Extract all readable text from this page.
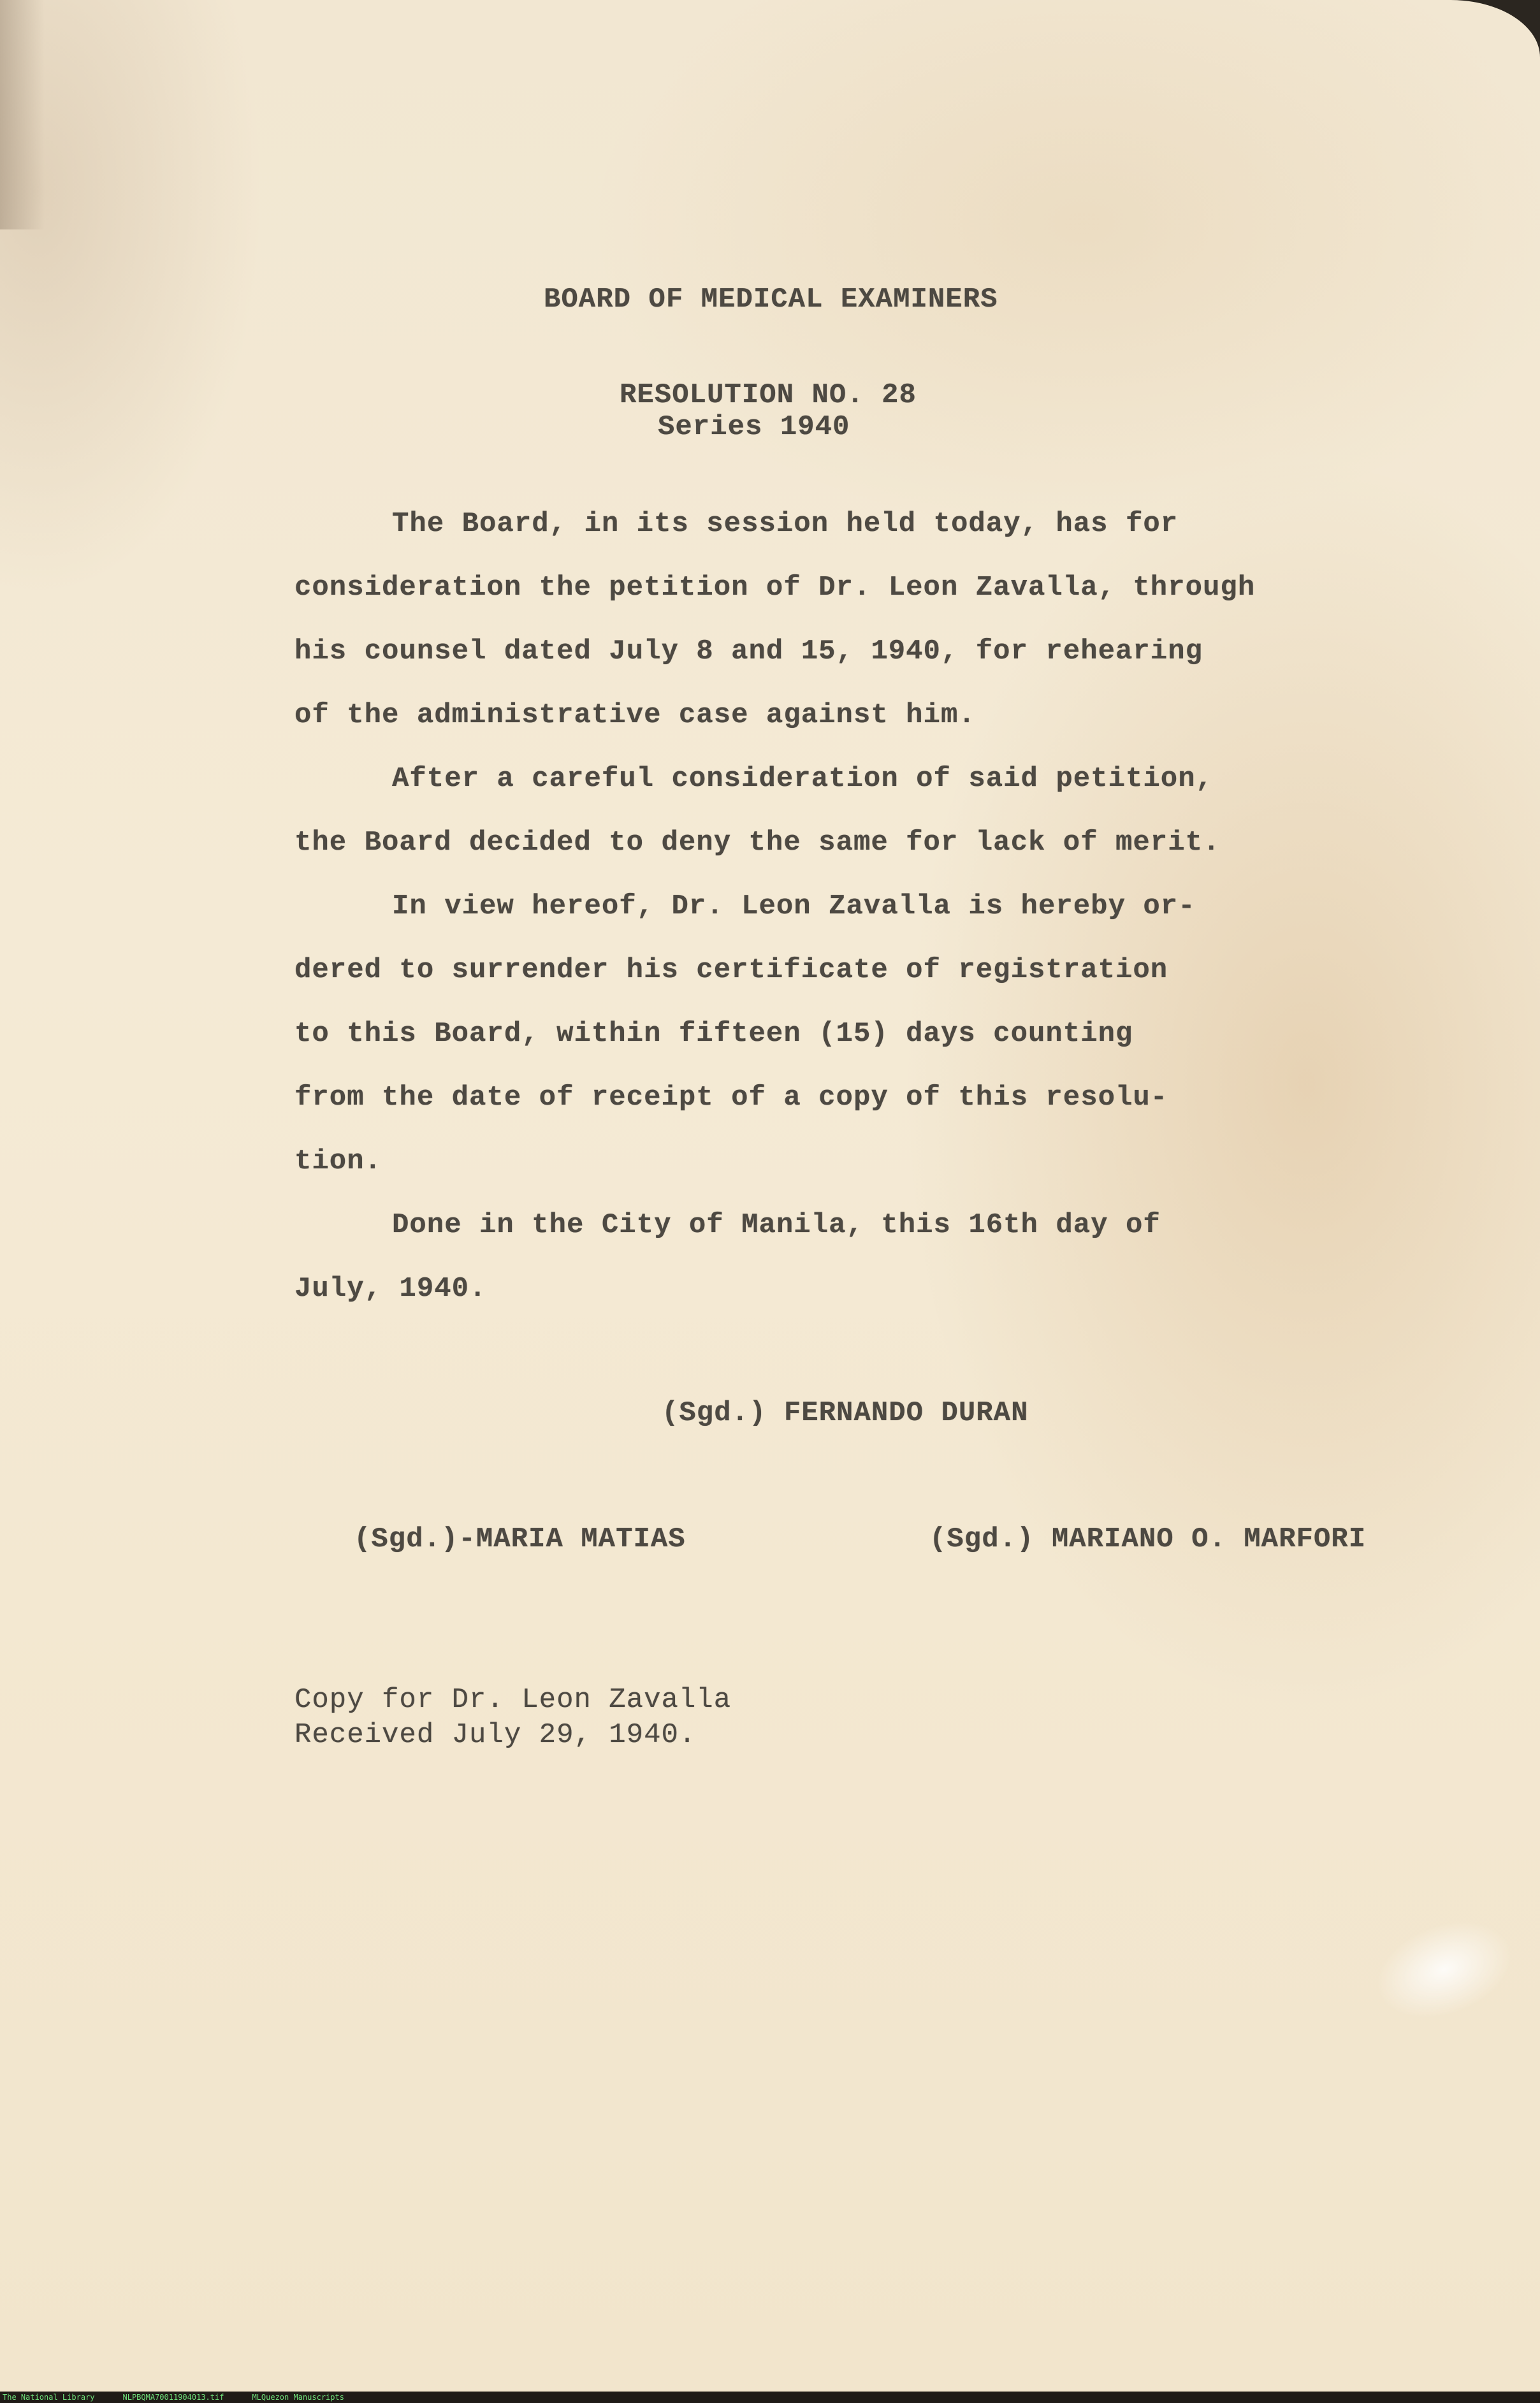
BOARD OF MEDICAL EXAMINERS
RESOLUTION NO. 28
Series 1940
The Board, in its session held today, has for
consideration the petition of Dr. Leon Zavalla, through
his counsel dated July 8 and 15, 1940, for rehearing
of the administrative case against him.
After a careful consideration of said petition,
the Board decided to deny the same for lack of merit.
In view hereof, Dr. Leon Zavalla is hereby or-
dered to surrender his certificate of registration
to this Board, within fifteen (15) days counting
from the date of receipt of a copy of this resolu-
tion.
Done in the City of Manila, this 16th day of
July, 1940.
(Sgd.) FERNANDO DURAN
(Sgd.)-MARIA MATIAS	(Sgd.) MARIANO O. MARFORI
Copy for Dr. Leon Zavalla
Received July 29, 1940.
The National Library	NLPBQMA70011904013.tif	MLQuezon Manuscripts
